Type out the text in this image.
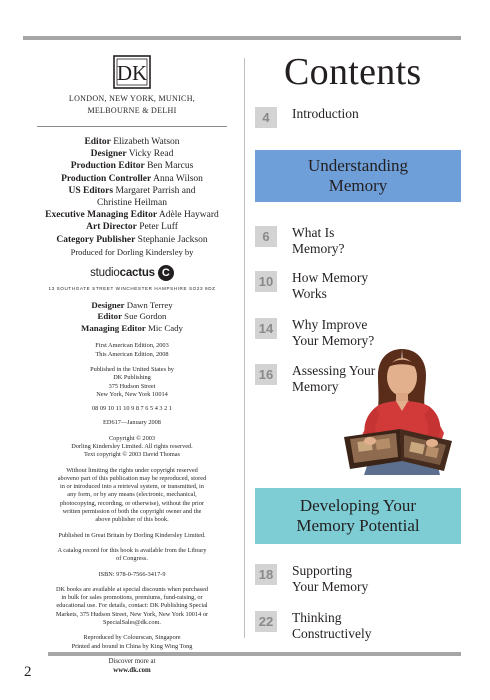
DK
LONDON, NEW YORK, MUNICH,
MELBOURNE & DELHI
Editor Elizabeth Watson
Designer Vicky Read
Production Editor Ben Marcus
Production Controller Anna Wilson
US Editors Margaret Parrish and
Christine Heilman
Executive Managing Editor Adèle Hayward
Art Director Peter Luff
Category Publisher Stephanie Jackson
Produced for Dorling Kindersley by
studiocactus C
13 SOUTHGATE STREET WINCHESTER HAMPSHIRE SO23 9DZ
Designer Dawn Terrey
Editor Sue Gordon
Managing Editor Mic Cady
First American Edition, 2003
This American Edition, 2008
Published in the United States by
DK Publishing
375 Hudson Street
New York, New York 10014
08 09 10 11 10 9 8 7 6 5 4 3 2 1
ED617—January 2008
Copyright © 2003
Dorling Kindersley Limited. All rights reserved.
Text copyright © 2003 David Thomas
Without limiting the rights under copyright reserved
aboveno part of this publication may be reproduced, stored
in or introduced into a retrieval system, or transmitted, in
any form, or by any means (electronic, mechanical,
photocopying, recording, or otherwise), without the prior
written permission of both the copyright owner and the
above publisher of this book.
Published in Great Britain by Dorling Kindersley Limited.
A catalog record for this book is available from the Library
of Congress.
ISBN: 978-0-7566-3417-9
DK books are available at special discounts when purchased
in bulk for sales promotions, premiums, fund-raising, or
educational use. For details, contact: DK Publishing Special
Markets, 375 Hudson Street, New York, New York 10014 or
SpecialSales@dk.com.
Reproduced by Colourscan, Singapore
Printed and bound in China by King Wing Tong
Discover more at
www.dk.com
Contents
4	Introduction
Understanding
Memory
6	What Is
Memory?
10 How Memory
Works
14 Why Improve
Your Memory?
16 Assessing Your
Memory
Developing Your
Memory Potential
18 Supporting
Your Memory
22 Thinking
Constructively
2
